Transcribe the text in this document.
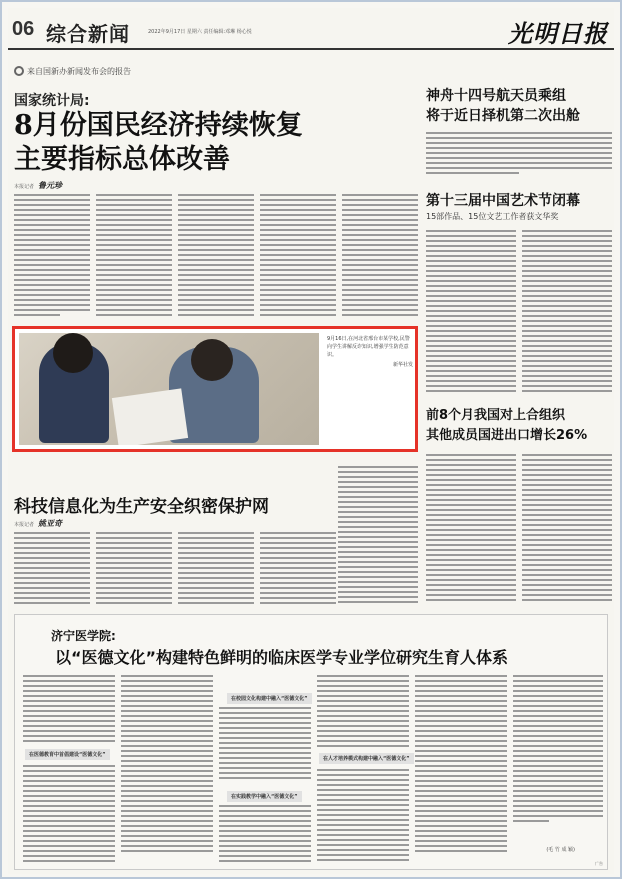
06 综合新闻	2022年9月17日 星期六 责任编辑:邓琳 杨心悦	光明日报
来自国新办新闻发布会的报告
国家统计局:
8月份国民经济持续恢复
主要指标总体改善
本报记者 鲁元珍
神舟十四号航天员乘组
将于近日择机第二次出舱
第十三届中国艺术节闭幕
15部作品、15位文艺工作者获文华奖
前8个月我国对上合组织
其他成员国进出口增长26%
9月16日,在河北省邢台市某学校,民警向学生讲解反诈知识,增强学生防范意识。
新华社发
科技信息化为生产安全织密保护网
本报记者 姚亚奇
济宁医学院:
以“医德文化”构建特色鲜明的临床医学专业学位研究生育人体系
在医德教育中首倡建设“医德文化”
在校园文化构建中融入“医德文化”
在实践教学中融入“医德文化”
在人才培养模式构建中融入“医德文化”
(毛 竹 成 颖)
广告
